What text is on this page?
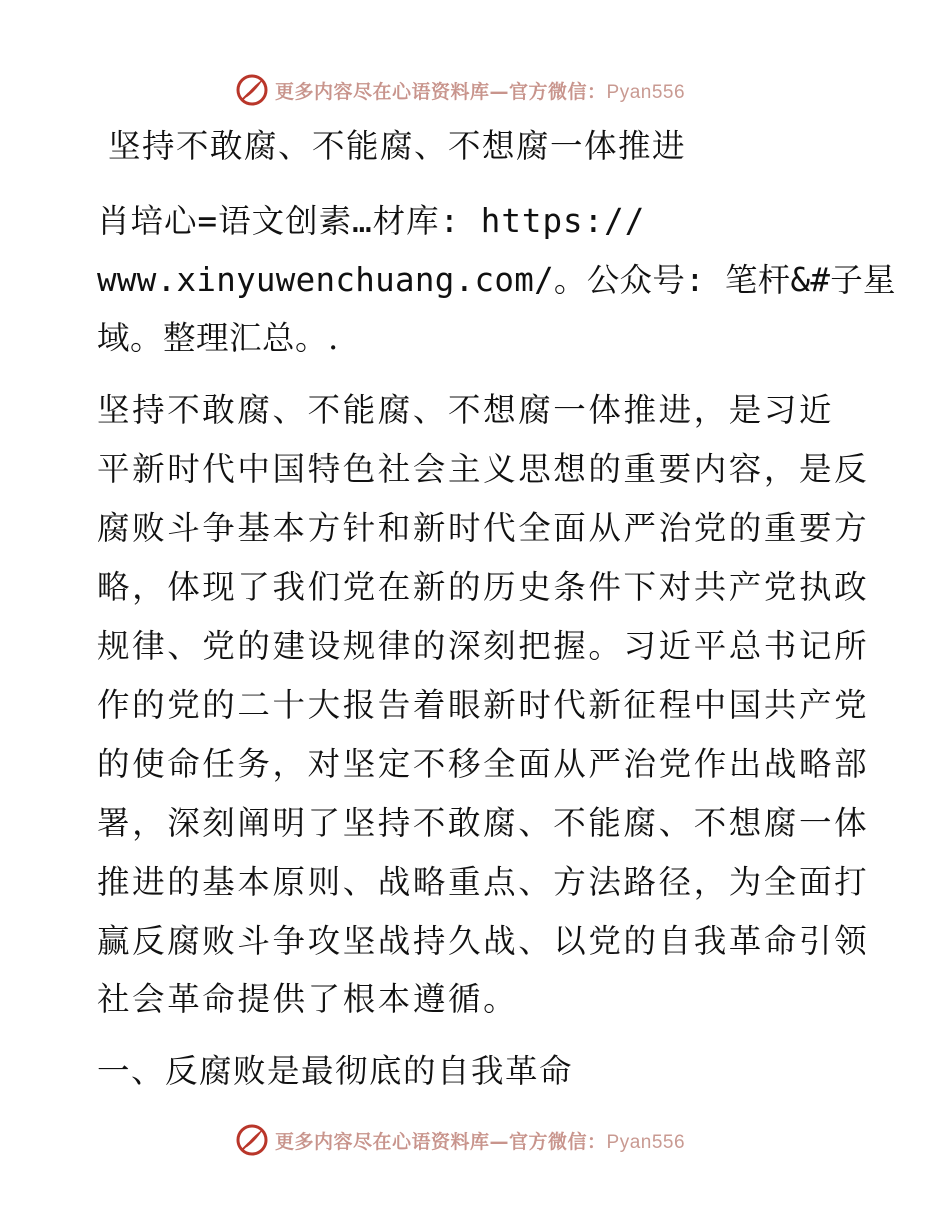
更多内容尽在心语资料库—官方微信：Pyan556
坚持不敢腐、不能腐、不想腐一体推进
肖培心=语文创素…材库: https://
www.xinyuwenchuang.com/。公众号: 笔杆&#子星
域。整理汇总。.
坚持不敢腐、不能腐、不想腐一体推进，是习近
平新时代中国特色社会主义思想的重要内容，是反
腐败斗争基本方针和新时代全面从严治党的重要方
略，体现了我们党在新的历史条件下对共产党执政
规律、党的建设规律的深刻把握。习近平总书记所
作的党的二十大报告着眼新时代新征程中国共产党
的使命任务，对坚定不移全面从严治党作出战略部
署，深刻阐明了坚持不敢腐、不能腐、不想腐一体
推进的基本原则、战略重点、方法路径，为全面打
赢反腐败斗争攻坚战持久战、以党的自我革命引领
社会革命提供了根本遵循。
一、反腐败是最彻底的自我革命
更多内容尽在心语资料库—官方微信：Pyan556
